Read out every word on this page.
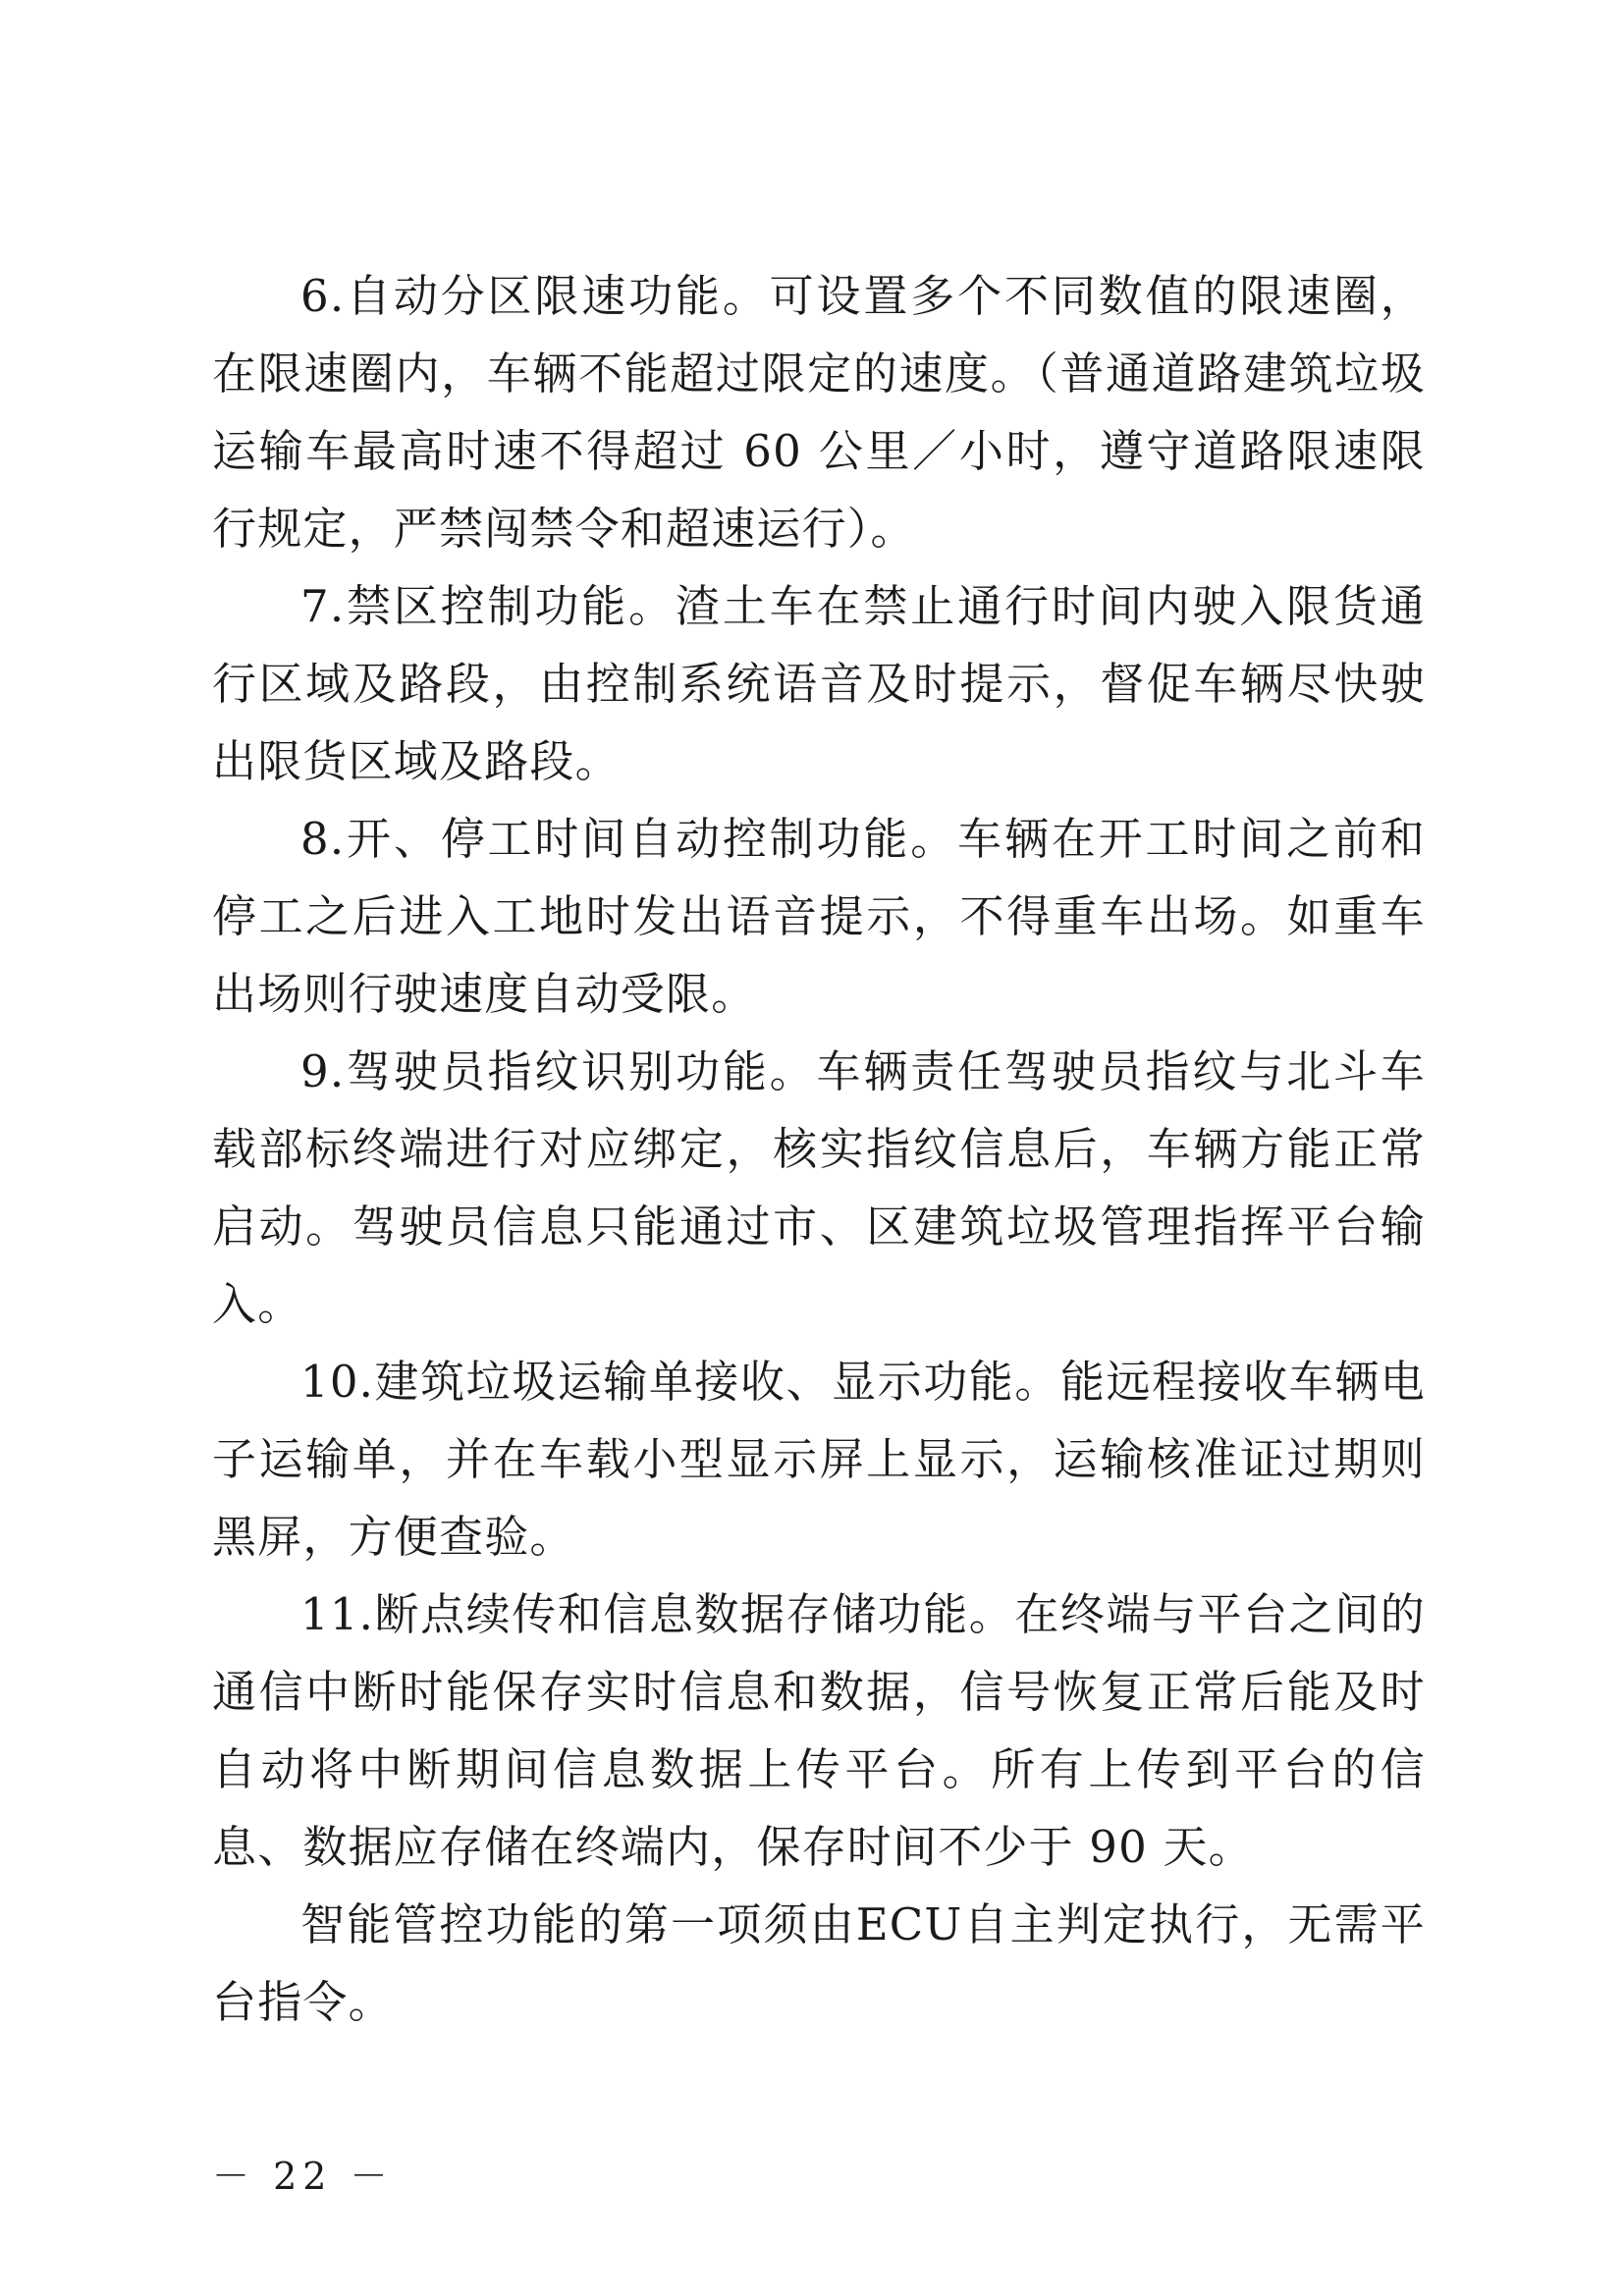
6.自动分区限速功能。可设置多个不同数值的限速圈，在限速圈内，车辆不能超过限定的速度。（普通道路建筑垃圾运输车最高时速不得超过 60 公里／小时，遵守道路限速限行规定，严禁闯禁令和超速运行）。

7.禁区控制功能。渣土车在禁止通行时间内驶入限货通行区域及路段，由控制系统语音及时提示，督促车辆尽快驶出限货区域及路段。

8.开、停工时间自动控制功能。车辆在开工时间之前和停工之后进入工地时发出语音提示，不得重车出场。如重车出场则行驶速度自动受限。

9.驾驶员指纹识别功能。车辆责任驾驶员指纹与北斗车载部标终端进行对应绑定，核实指纹信息后，车辆方能正常启动。驾驶员信息只能通过市、区建筑垃圾管理指挥平台输入。

10.建筑垃圾运输单接收、显示功能。能远程接收车辆电子运输单，并在车载小型显示屏上显示，运输核准证过期则黑屏，方便查验。

11.断点续传和信息数据存储功能。在终端与平台之间的通信中断时能保存实时信息和数据，信号恢复正常后能及时自动将中断期间信息数据上传平台。所有上传到平台的信息、数据应存储在终端内，保存时间不少于 90 天。

智能管控功能的第一项须由ECU自主判定执行，无需平台指令。

－ 22 －
